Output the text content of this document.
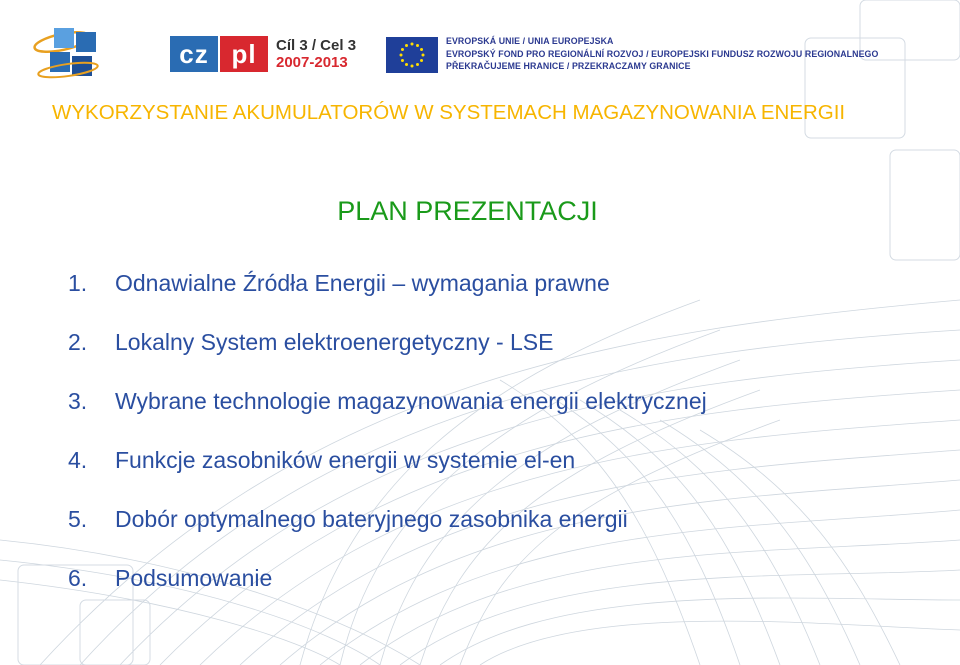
cz pl	Cíl 3 / Cel 3
2007-2013
EVROPSKÁ UNIE / UNIA EUROPEJSKA
EVROPSKÝ FOND PRO REGIONÁLNÍ ROZVOJ / EUROPEJSKI FUNDUSZ ROZWOJU REGIONALNEGO
PŘEKRAČUJEME HRANICE / PRZEKRACZAMY GRANICE
WYKORZYSTANIE AKUMULATORÓW W SYSTEMACH MAGAZYNOWANIA ENERGII
PLAN PREZENTACJI
1.	Odnawialne Źródła Energii – wymagania prawne
2.	Lokalny System elektroenergetyczny - LSE
3.	Wybrane technologie magazynowania energii elektrycznej
4.	Funkcje zasobników energii w systemie el-en
5.	Dobór optymalnego bateryjnego zasobnika energii
6.	Podsumowanie
